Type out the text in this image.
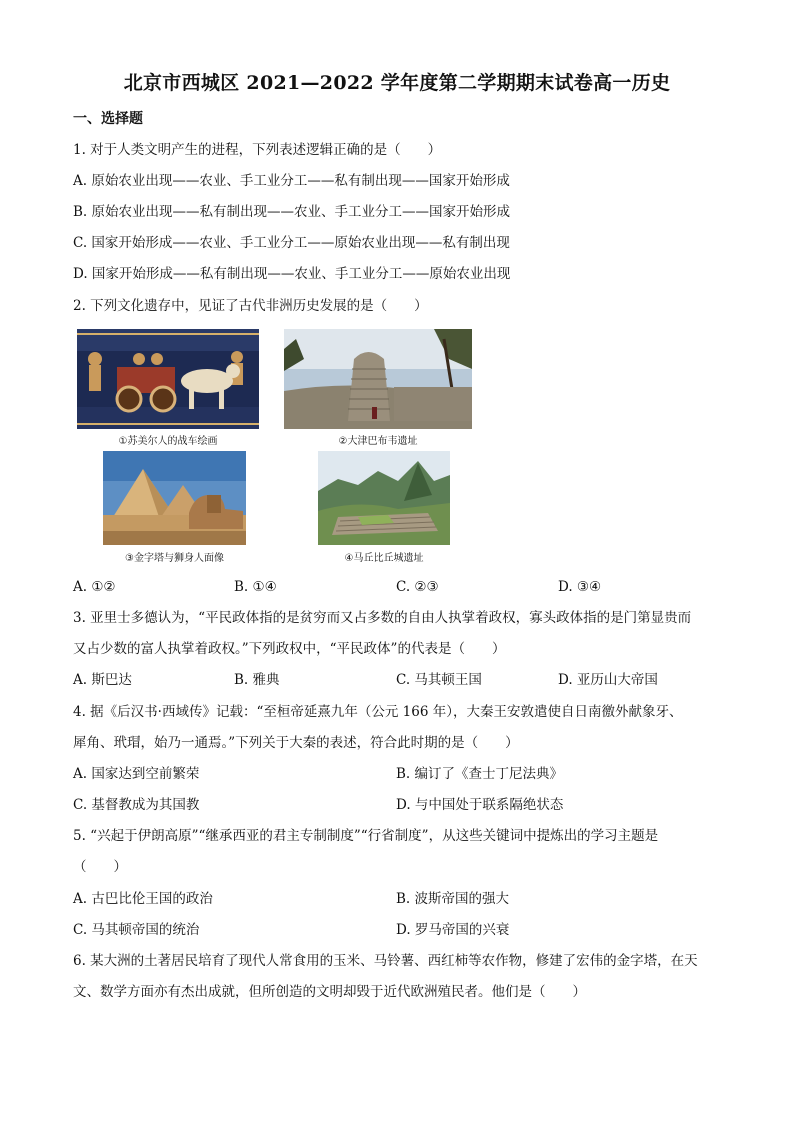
北京市西城区 2021—2022 学年度第二学期期末试卷高一历史
一、选择题
1. 对于人类文明产生的进程，下列表述逻辑正确的是（　　）
A. 原始农业出现——农业、手工业分工——私有制出现——国家开始形成
B. 原始农业出现——私有制出现——农业、手工业分工——国家开始形成
C. 国家开始形成——农业、手工业分工——原始农业出现——私有制出现
D. 国家开始形成——私有制出现——农业、手工业分工——原始农业出现
2. 下列文化遗存中，见证了古代非洲历史发展的是（　　）
①苏美尔人的战车绘画	②大津巴布韦遗址
③金字塔与狮身人面像	④马丘比丘城遗址
A. ①②	B. ①④	C. ②③	D. ③④
3. 亚里士多德认为，“平民政体指的是贫穷而又占多数的自由人执掌着政权，寡头政体指的是门第显贵而
又占少数的富人执掌着政权。”下列政权中，“平民政体”的代表是（　　）
A. 斯巴达	B. 雅典	C. 马其顿王国	D. 亚历山大帝国
4. 据《后汉书·西域传》记载：“至桓帝延熹九年（公元 166 年），大秦王安敦遣使自日南徼外献象牙、
犀角、玳瑁，始乃一通焉。”下列关于大秦的表述，符合此时期的是（　　）
A. 国家达到空前繁荣	B. 编订了《查士丁尼法典》
C. 基督教成为其国教	D. 与中国处于联系隔绝状态
5. “兴起于伊朗高原”“继承西亚的君主专制制度”“行省制度”，从这些关键词中提炼出的学习主题是
（　　）
A. 古巴比伦王国的政治	B. 波斯帝国的强大
C. 马其顿帝国的统治	D. 罗马帝国的兴衰
6. 某大洲的土著居民培育了现代人常食用的玉米、马铃薯、西红柿等农作物，修建了宏伟的金字塔，在天
文、数学方面亦有杰出成就，但所创造的文明却毁于近代欧洲殖民者。他们是（　　）
